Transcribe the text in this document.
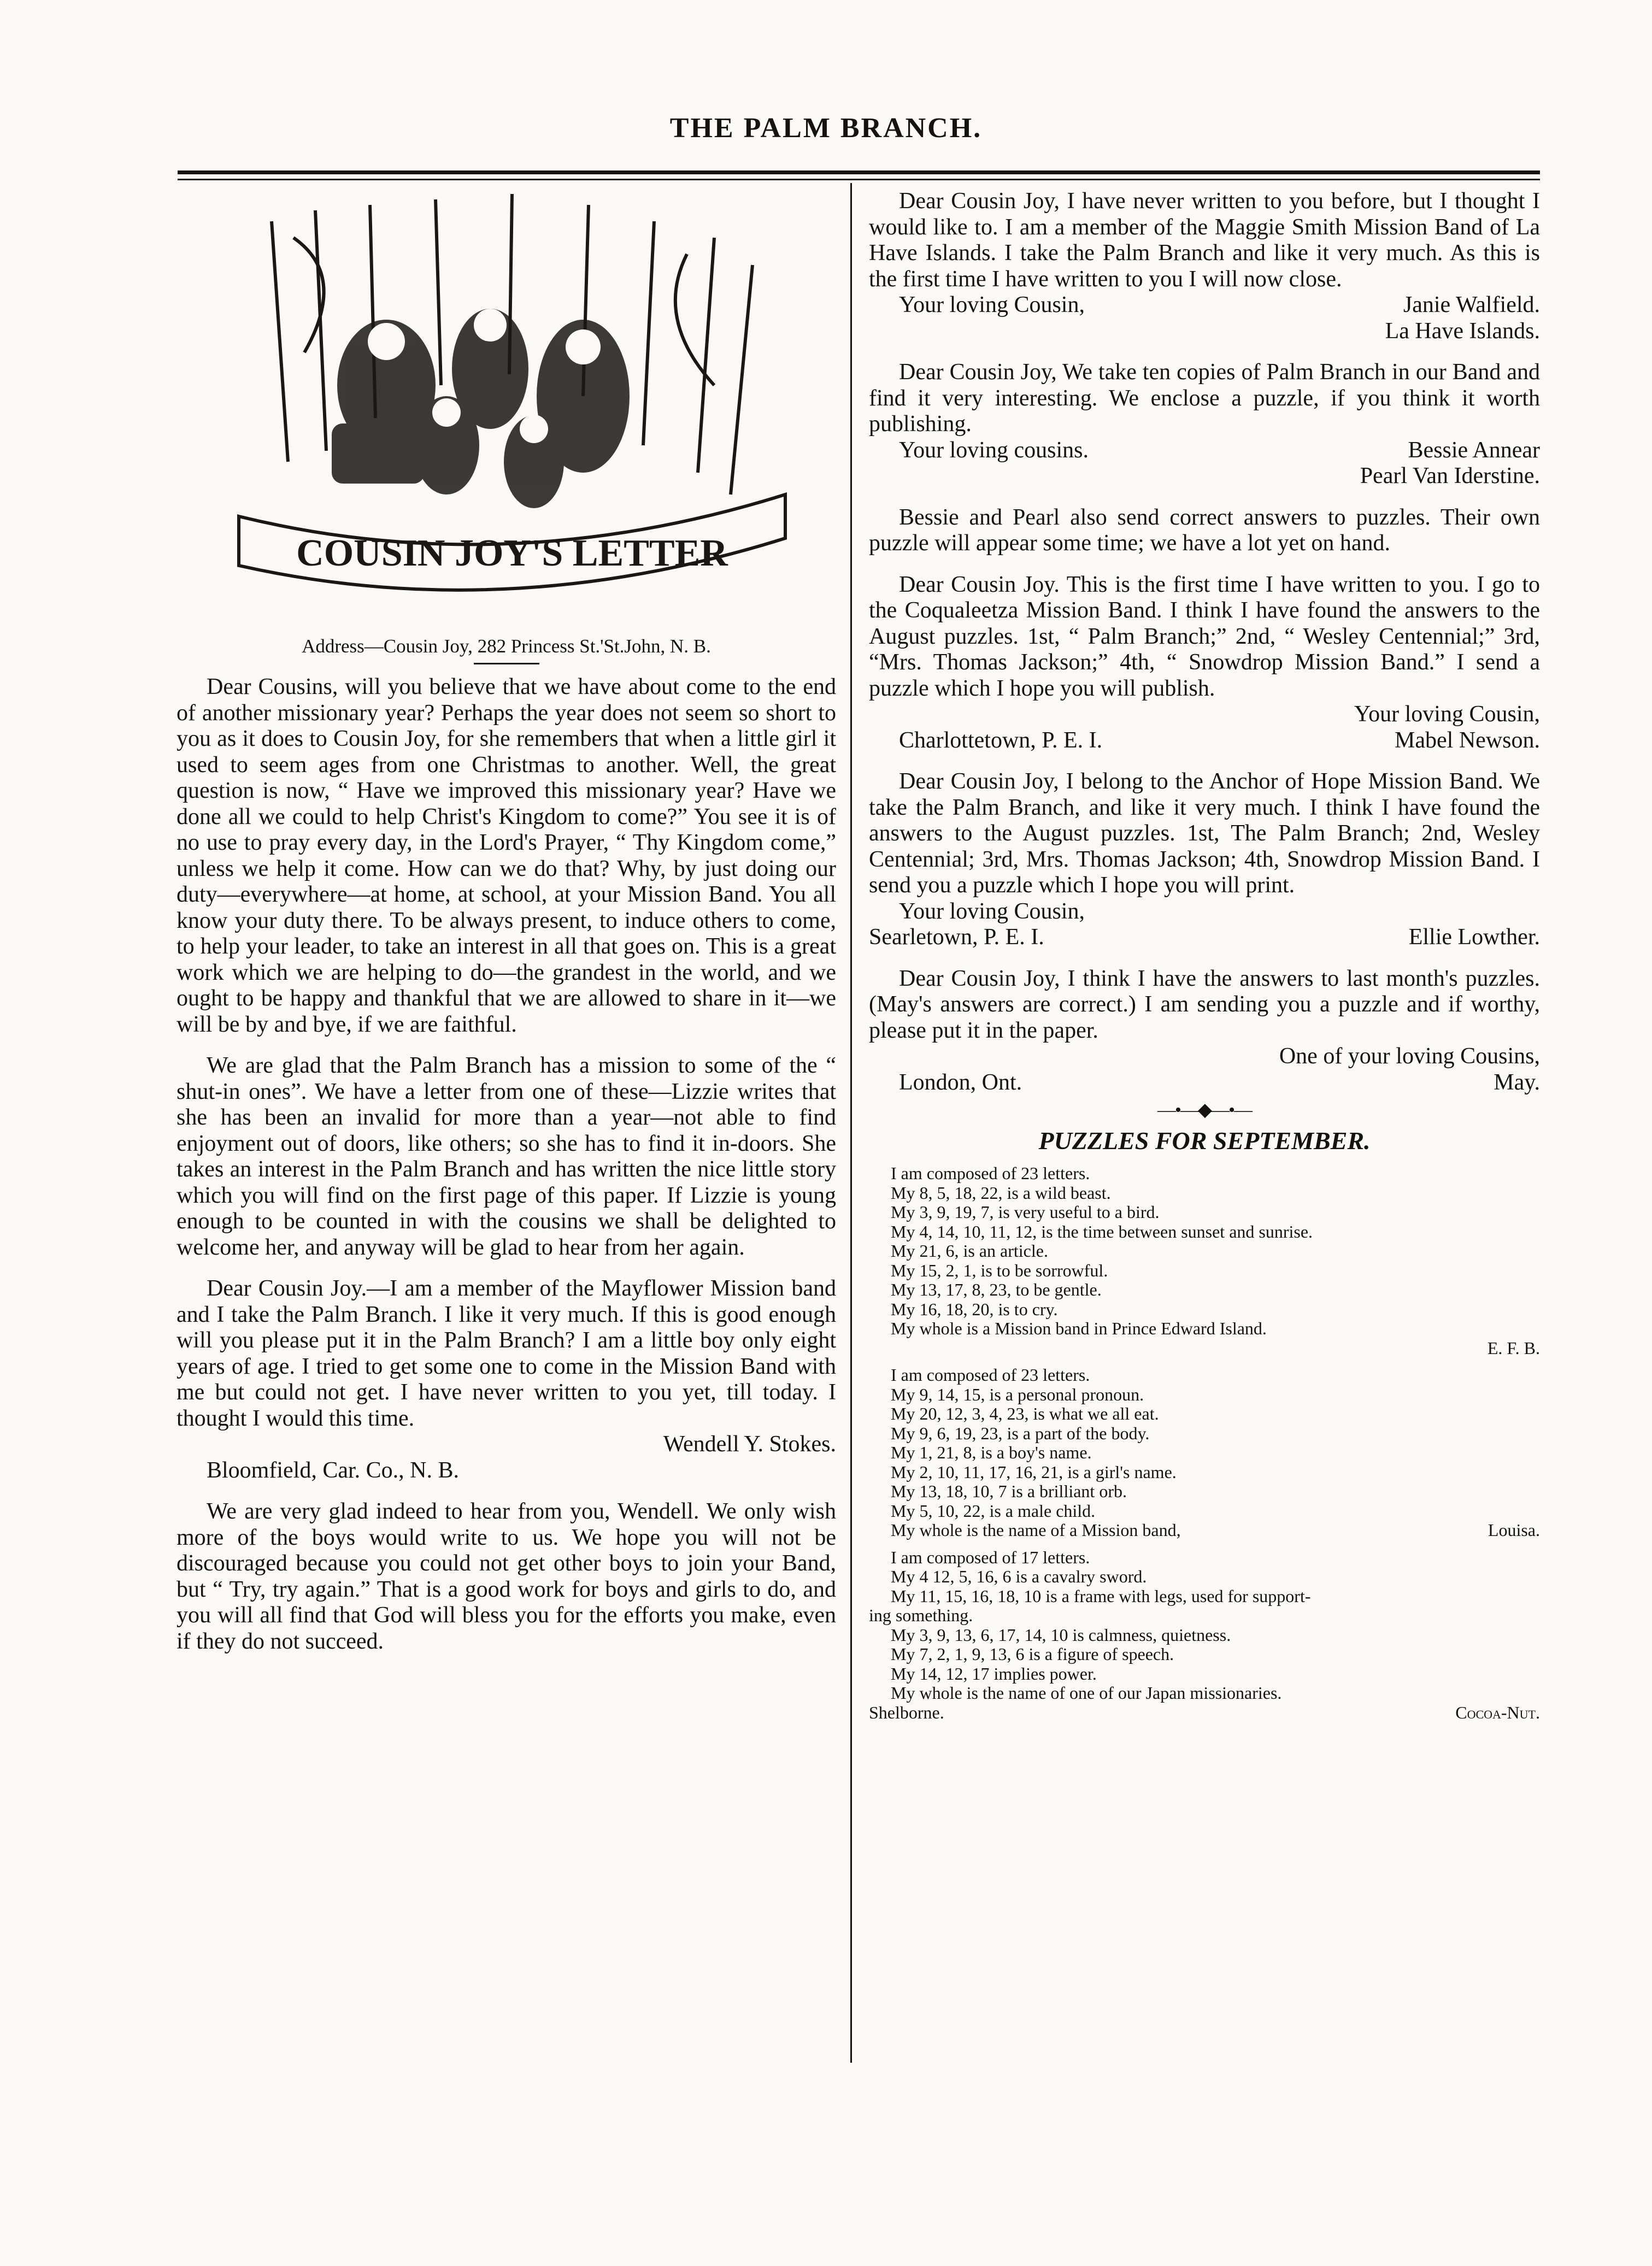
THE PALM BRANCH.
COUSIN JOY'S LETTER
Address—Cousin Joy, 282 Princess St.'St.John, N. B.

Dear Cousins, will you believe that we have about come to the end of another missionary year? Perhaps the year does not seem so short to you as it does to Cousin Joy, for she remembers that when a little girl it used to seem ages from one Christmas to another. Well, the great question is now, “ Have we improved this missionary year? Have we done all we could to help Christ's Kingdom to come?” You see it is of no use to pray every day, in the Lord's Prayer, “ Thy Kingdom come,” unless we help it come. How can we do that? Why, by just doing our duty—everywhere—at home, at school, at your Mission Band. You all know your duty there. To be always present, to induce others to come, to help your leader, to take an interest in all that goes on. This is a great work which we are helping to do—the grandest in the world, and we ought to be happy and thankful that we are allowed to share in it—we will be by and bye, if we are faithful.

We are glad that the Palm Branch has a mission to some of the “ shut-in ones”. We have a letter from one of these—Lizzie writes that she has been an invalid for more than a year—not able to find enjoyment out of doors, like others; so she has to find it in-doors. She takes an interest in the Palm Branch and has written the nice little story which you will find on the first page of this paper. If Lizzie is young enough to be counted in with the cousins we shall be delighted to welcome her, and anyway will be glad to hear from her again.

Dear Cousin Joy.—I am a member of the Mayflower Mission band and I take the Palm Branch. I like it very much. If this is good enough will you please put it in the Palm Branch? I am a little boy only eight years of age. I tried to get some one to come in the Mission Band with me but could not get. I have never written to you yet, till today. I thought I would this time.

Wendell Y. Stokes.
Bloomfield, Car. Co., N. B.

We are very glad indeed to hear from you, Wendell. We only wish more of the boys would write to us. We hope you will not be discouraged because you could not get other boys to join your Band, but “ Try, try again.” That is a good work for boys and girls to do, and you will all find that God will bless you for the efforts you make, even if they do not succeed.

Dear Cousin Joy, I have never written to you before, but I thought I would like to. I am a member of the Maggie Smith Mission Band of La Have Islands. I take the Palm Branch and like it very much. As this is the first time I have written to you I will now close.

Your loving Cousin,	Janie Walfield.
La Have Islands.

Dear Cousin Joy, We take ten copies of Palm Branch in our Band and find it very interesting. We enclose a puzzle, if you think it worth publishing.

Your loving cousins.	Bessie Annear
Pearl Van Iderstine.

Bessie and Pearl also send correct answers to puzzles. Their own puzzle will appear some time; we have a lot yet on hand.

Dear Cousin Joy. This is the first time I have written to you. I go to the Coqualeetza Mission Band. I think I have found the answers to the August puzzles. 1st, “ Palm Branch;” 2nd, “ Wesley Centennial;” 3rd, “Mrs. Thomas Jackson;” 4th, “ Snowdrop Mission Band.” I send a puzzle which I hope you will publish.

Your loving Cousin,
Charlottetown, P. E. I.	Mabel Newson.

Dear Cousin Joy, I belong to the Anchor of Hope Mission Band. We take the Palm Branch, and like it very much. I think I have found the answers to the August puzzles. 1st, The Palm Branch; 2nd, Wesley Centennial; 3rd, Mrs. Thomas Jackson; 4th, Snowdrop Mission Band. I send you a puzzle which I hope you will print.

Your loving Cousin,
Searletown, P. E. I.	Ellie Lowther.

Dear Cousin Joy, I think I have the answers to last month's puzzles. (May's answers are correct.) I am sending you a puzzle and if worthy, please put it in the paper.

One of your loving Cousins,
London, Ont.	May.
—•—◆—•—
PUZZLES FOR SEPTEMBER.
I am composed of 23 letters.
My 8, 5, 18, 22, is a wild beast.
My 3, 9, 19, 7, is very useful to a bird.
My 4, 14, 10, 11, 12, is the time between sunset and sunrise.
My 21, 6, is an article.
My 15, 2, 1, is to be sorrowful.
My 13, 17, 8, 23, to be gentle.
My 16, 18, 20, is to cry.
My whole is a Mission band in Prince Edward Island.
E. F. B.
I am composed of 23 letters.
My 9, 14, 15, is a personal pronoun.
My 20, 12, 3, 4, 23, is what we all eat.
My 9, 6, 19, 23, is a part of the body.
My 1, 21, 8, is a boy's name.
My 2, 10, 11, 17, 16, 21, is a girl's name.
My 13, 18, 10, 7 is a brilliant orb.
My 5, 10, 22, is a male child.
My whole is the name of a Mission band,	Louisa.
I am composed of 17 letters.
My 4 12, 5, 16, 6 is a cavalry sword.
My 11, 15, 16, 18, 10 is a frame with legs, used for support-
ing something.
My 3, 9, 13, 6, 17, 14, 10 is calmness, quietness.
My 7, 2, 1, 9, 13, 6 is a figure of speech.
My 14, 12, 17 implies power.
My whole is the name of one of our Japan missionaries.
Shelborne.	Cocoa-Nut.
